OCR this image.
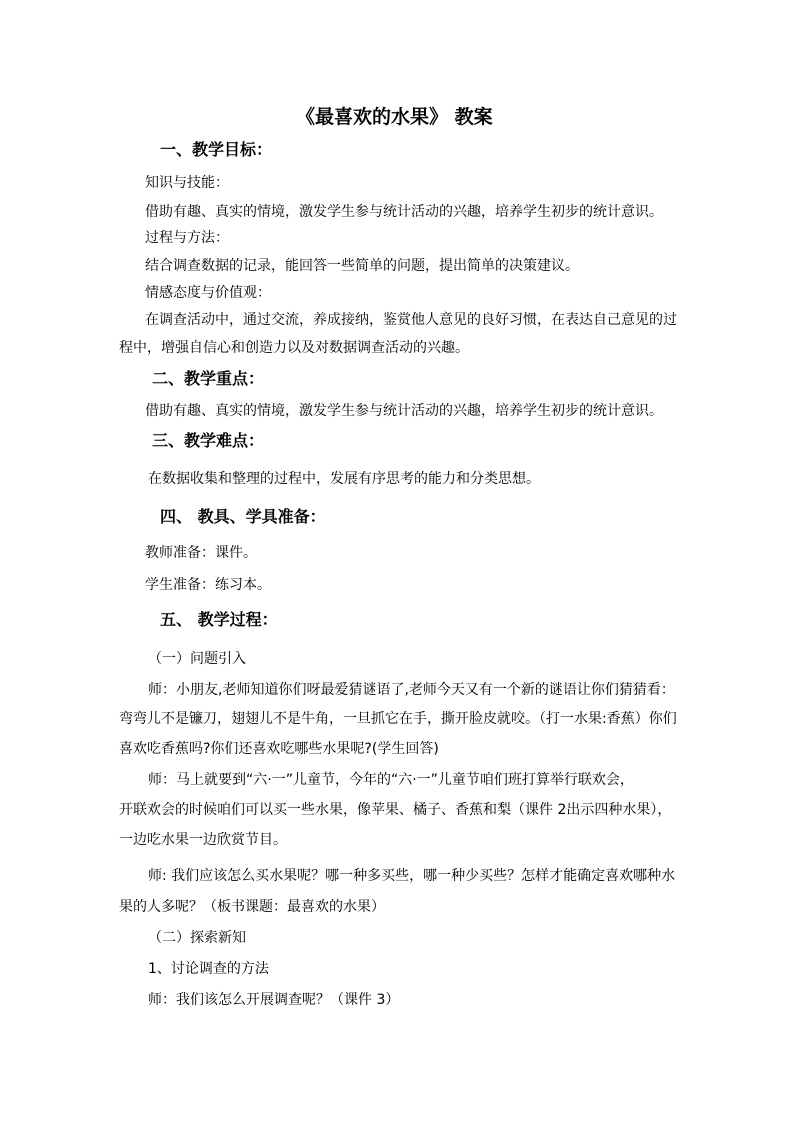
《最喜欢的水果》 教案
一、教学目标：
知识与技能：
借助有趣、真实的情境，激发学生参与统计活动的兴趣，培养学生初步的统计意识。
过程与方法：
结合调查数据的记录，能回答一些简单的问题，提出简单的决策建议。
情感态度与价值观：
在调查活动中，通过交流，养成接纳，鉴赏他人意见的良好习惯，在表达自己意见的过
程中，增强自信心和创造力以及对数据调查活动的兴趣。
二、教学重点：
借助有趣、真实的情境，激发学生参与统计活动的兴趣，培养学生初步的统计意识。
三、教学难点：
在数据收集和整理的过程中，发展有序思考的能力和分类思想。
四、 教具、学具准备：
教师准备：课件。
学生准备：练习本。
五、 教学过程：
（一）问题引入
师：小朋友,老师知道你们呀最爱猜谜语了,老师今天又有一个新的谜语让你们猜猜看：
弯弯儿不是镰刀，翅翅儿不是牛角，一旦抓它在手，撕开脸皮就咬。（打一水果:香蕉）你们
喜欢吃香蕉吗?你们还喜欢吃哪些水果呢?(学生回答)
师：马上就要到“六·一”儿童节，今年的“六·一”儿童节咱们班打算举行联欢会，
开联欢会的时候咱们可以买一些水果，像苹果、橘子、香蕉和梨（课件 2出示四种水果），
一边吃水果一边欣赏节目。
师: 我们应该怎么买水果呢？哪一种多买些，哪一种少买些？怎样才能确定喜欢哪种水
果的人多呢？（板书课题：最喜欢的水果）
（二）探索新知
1、讨论调查的方法
师：我们该怎么开展调查呢？（课件 3）
